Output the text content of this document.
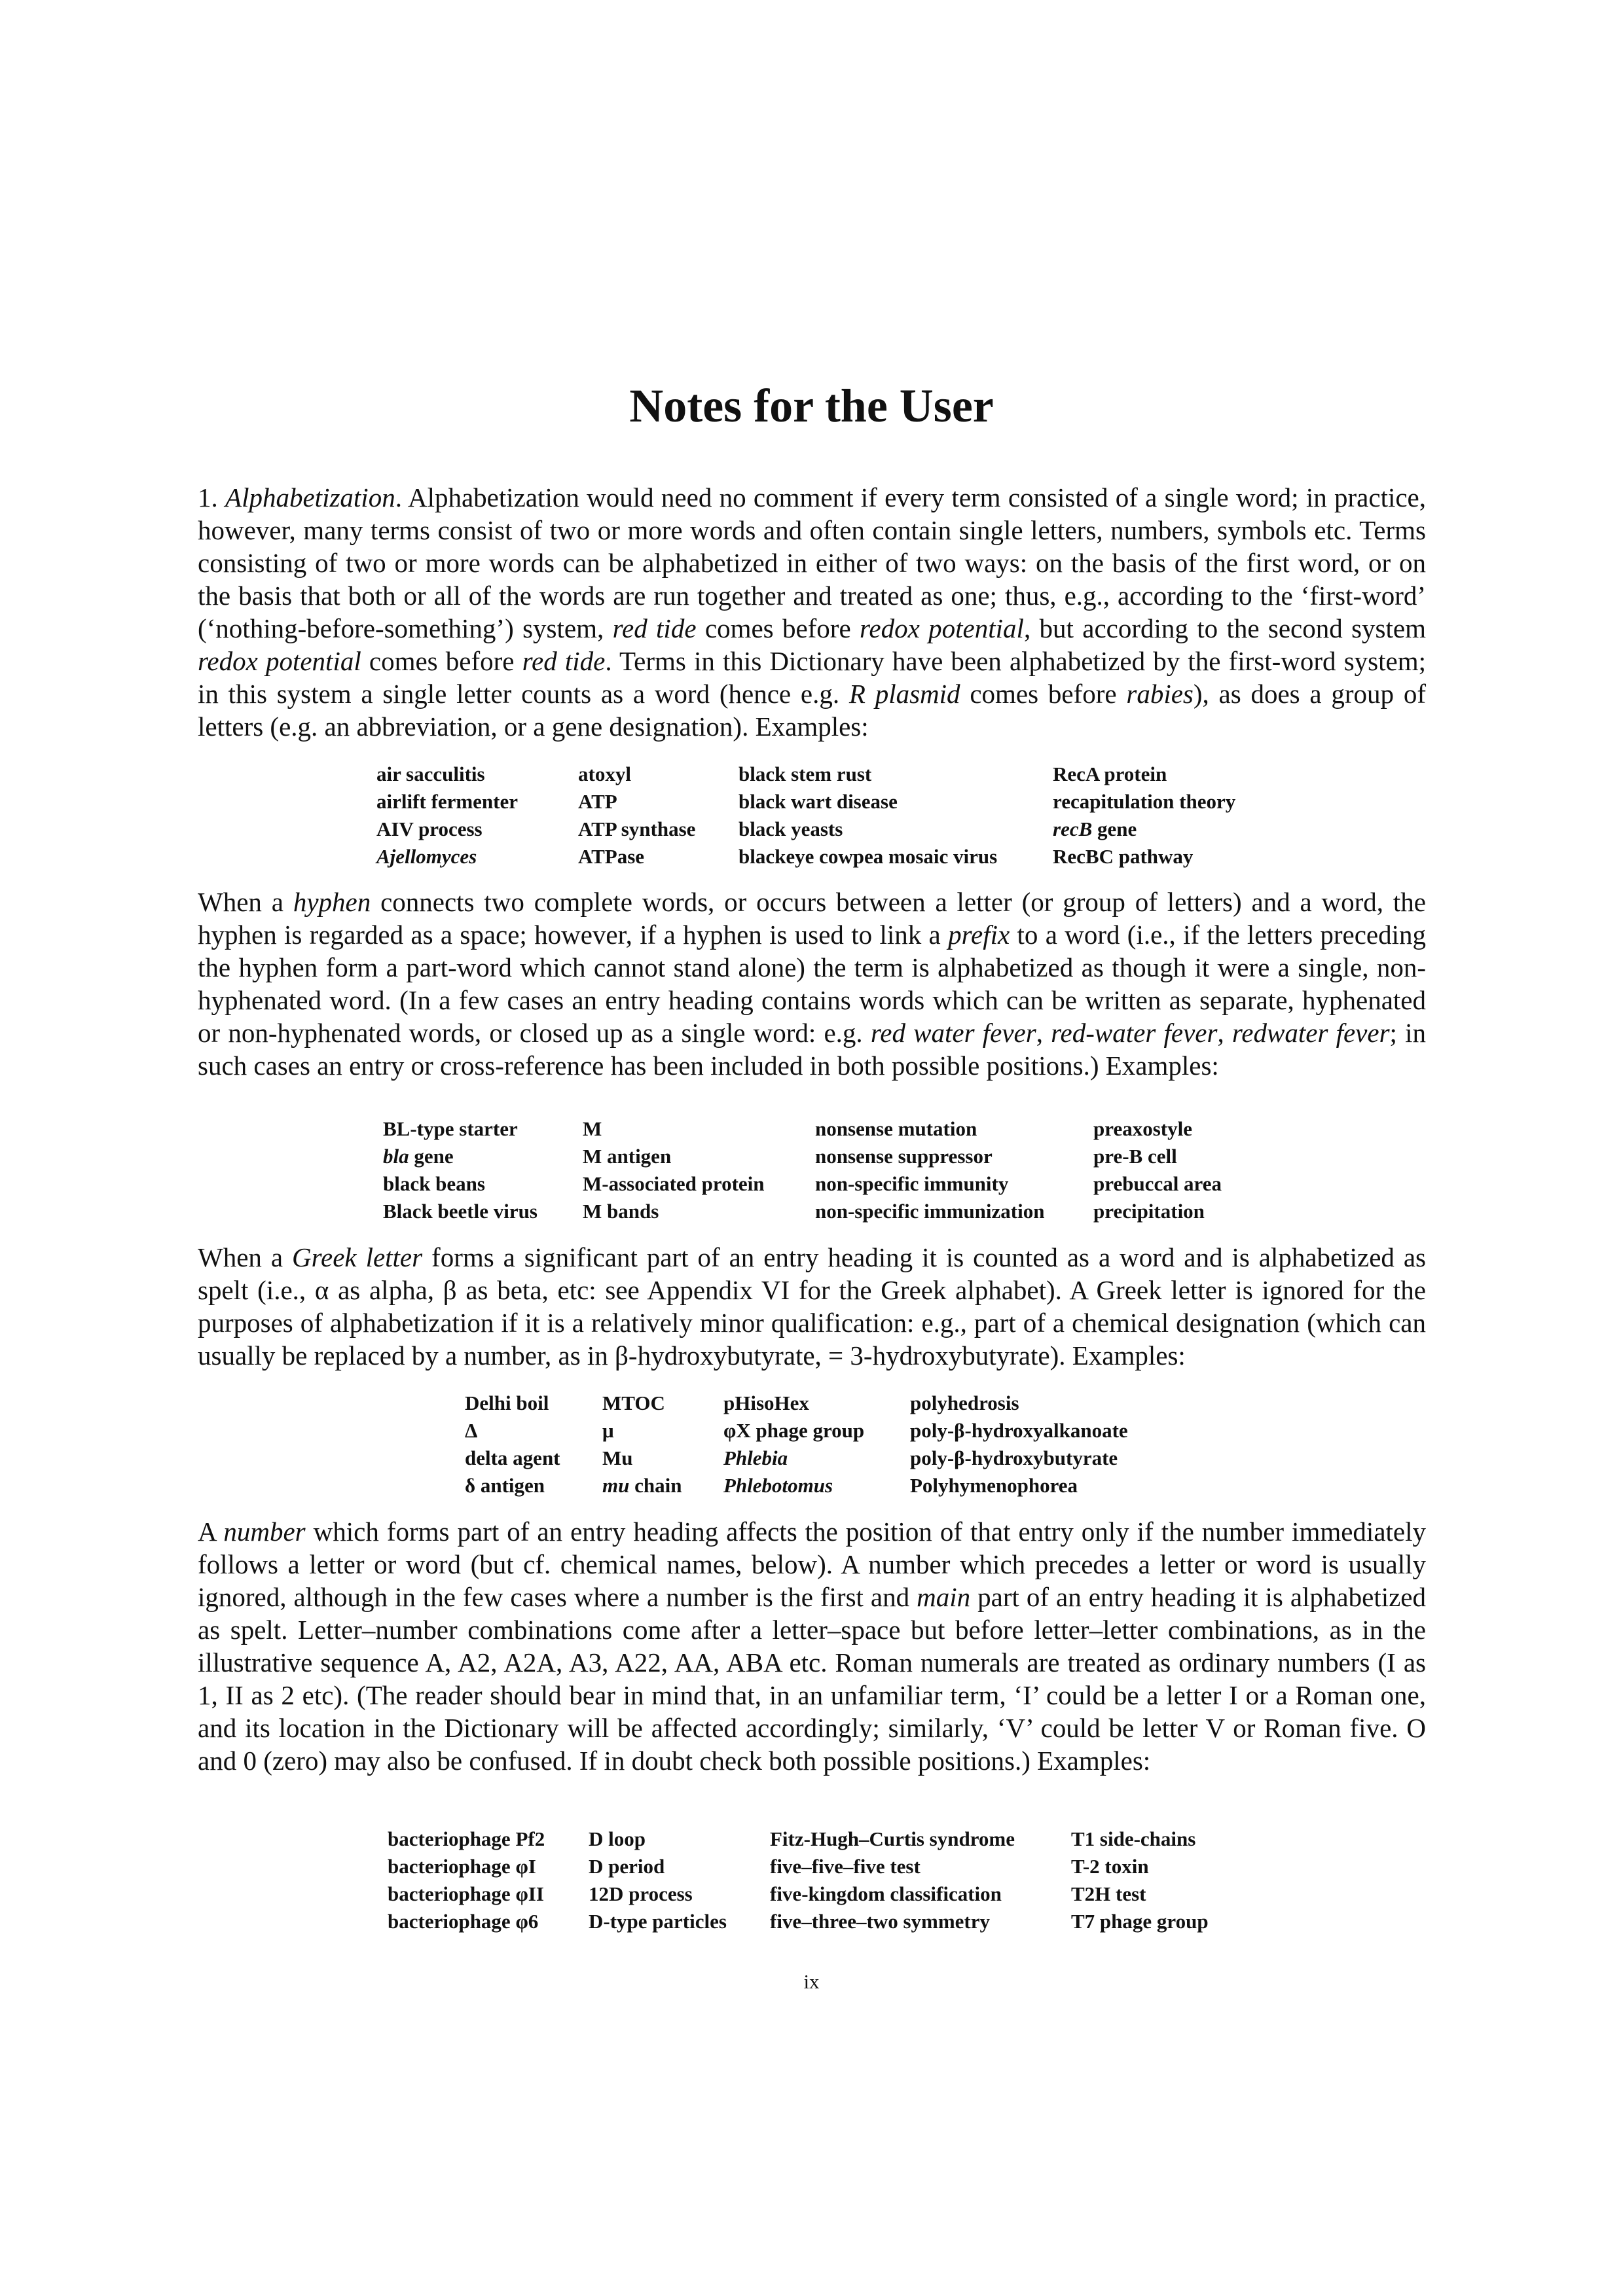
Notes for the User

1. Alphabetization. Alphabetization would need no comment if every term consisted of a single word; in practice, however, many terms consist of two or more words and often contain single letters, numbers, symbols etc. Terms consisting of two or more words can be alphabetized in either of two ways: on the basis of the first word, or on the basis that both or all of the words are run together and treated as one; thus, e.g., according to the ‘first-word’ (‘nothing-before-something’) system, red tide comes before redox potential, but according to the second system redox potential comes before red tide. Terms in this Dictionary have been alphabetized by the first-word system; in this system a single letter counts as a word (hence e.g. R plasmid comes before rabies), as does a group of letters (e.g. an abbreviation, or a gene designation). Examples:

air sacculitis	atoxyl	black stem rust	RecA protein
airlift fermenter	ATP	black wart disease	recapitulation theory
AIV process	ATP synthase	black yeasts	recB gene
Ajellomyces	ATPase	blackeye cowpea mosaic virus	RecBC pathway

When a hyphen connects two complete words, or occurs between a letter (or group of letters) and a word, the hyphen is regarded as a space; however, if a hyphen is used to link a prefix to a word (i.e., if the letters preceding the hyphen form a part-word which cannot stand alone) the term is alphabetized as though it were a single, non-hyphenated word. (In a few cases an entry heading contains words which can be written as separate, hyphenated or non-hyphenated words, or closed up as a single word: e.g. red water fever, red-water fever, redwater fever; in such cases an entry or cross-reference has been included in both possible positions.) Examples:

BL-type starter	M	nonsense mutation	preaxostyle
bla gene	M antigen	nonsense suppressor	pre-B cell
black beans	M-associated protein	non-specific immunity	prebuccal area
Black beetle virus	M bands	non-specific immunization	precipitation

When a Greek letter forms a significant part of an entry heading it is counted as a word and is alphabetized as spelt (i.e., α as alpha, β as beta, etc: see Appendix VI for the Greek alphabet). A Greek letter is ignored for the purposes of alphabetization if it is a relatively minor qualification: e.g., part of a chemical designation (which can usually be replaced by a number, as in β-hydroxybutyrate, = 3-hydroxybutyrate). Examples:

Delhi boil	MTOC	pHisoHex	polyhedrosis
Δ	μ	φX phage group	poly-β-hydroxyalkanoate
delta agent	Mu	Phlebia	poly-β-hydroxybutyrate
δ antigen	mu chain	Phlebotomus	Polyhymenophorea

A number which forms part of an entry heading affects the position of that entry only if the number immediately follows a letter or word (but cf. chemical names, below). A number which precedes a letter or word is usually ignored, although in the few cases where a number is the first and main part of an entry heading it is alphabetized as spelt. Letter–number combinations come after a letter–space but before letter–letter combinations, as in the illustrative sequence A, A2, A2A, A3, A22, AA, ABA etc. Roman numerals are treated as ordinary numbers (I as 1, II as 2 etc). (The reader should bear in mind that, in an unfamiliar term, ‘I’ could be a letter I or a Roman one, and its location in the Dictionary will be affected accordingly; similarly, ‘V’ could be letter V or Roman five. O and 0 (zero) may also be confused. If in doubt check both possible positions.) Examples:

bacteriophage Pf2	D loop	Fitz-Hugh–Curtis syndrome	T1 side-chains
bacteriophage φI	D period	five–five–five test	T-2 toxin
bacteriophage φII	12D process	five-kingdom classification	T2H test
bacteriophage φ6	D-type particles	five–three–two symmetry	T7 phage group
ix
